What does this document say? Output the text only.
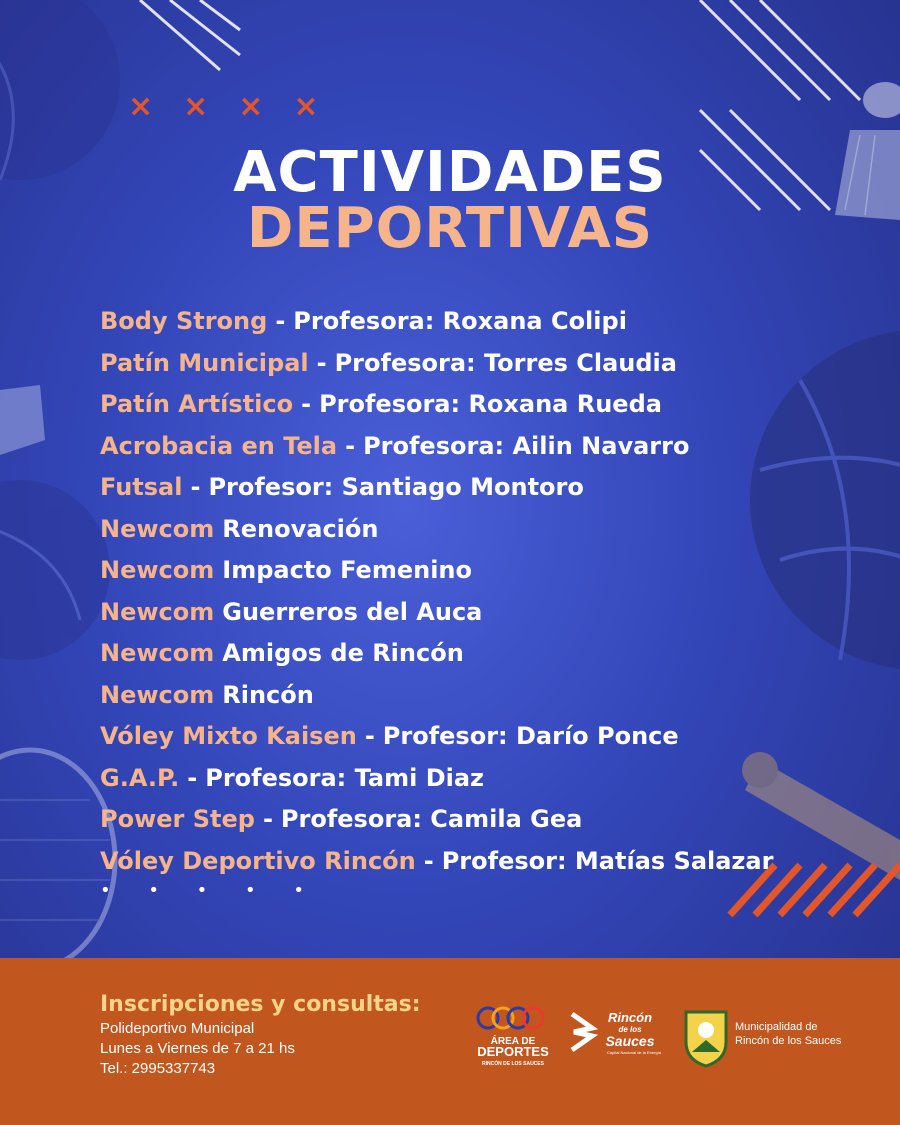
× × × ×
ACTIVIDADES
DEPORTIVAS
Body Strong - Profesora: Roxana Colipi
Patín Municipal - Profesora: Torres Claudia
Patín Artístico - Profesora: Roxana Rueda
Acrobacia en Tela - Profesora: Ailin Navarro
Futsal - Profesor: Santiago Montoro
Newcom Renovación
Newcom Impacto Femenino
Newcom Guerreros del Auca
Newcom Amigos de Rincón
Newcom Rincón
Vóley Mixto Kaisen - Profesor: Darío Ponce
G.A.P. - Profesora: Tami Diaz
Power Step - Profesora: Camila Gea
Vóley Deportivo Rincón - Profesor: Matías Salazar
• • • • •
Inscripciones y consultas:
Polideportivo Municipal
Lunes a Viernes de 7 a 21 hs
Tel.: 2995337743
ÁREA DE
DEPORTES
RINCÓN DE LOS SAUCES
Rincón
de los
Sauces
Capital Nacional de la Energía
Municipalidad de
Rincón de los Sauces
